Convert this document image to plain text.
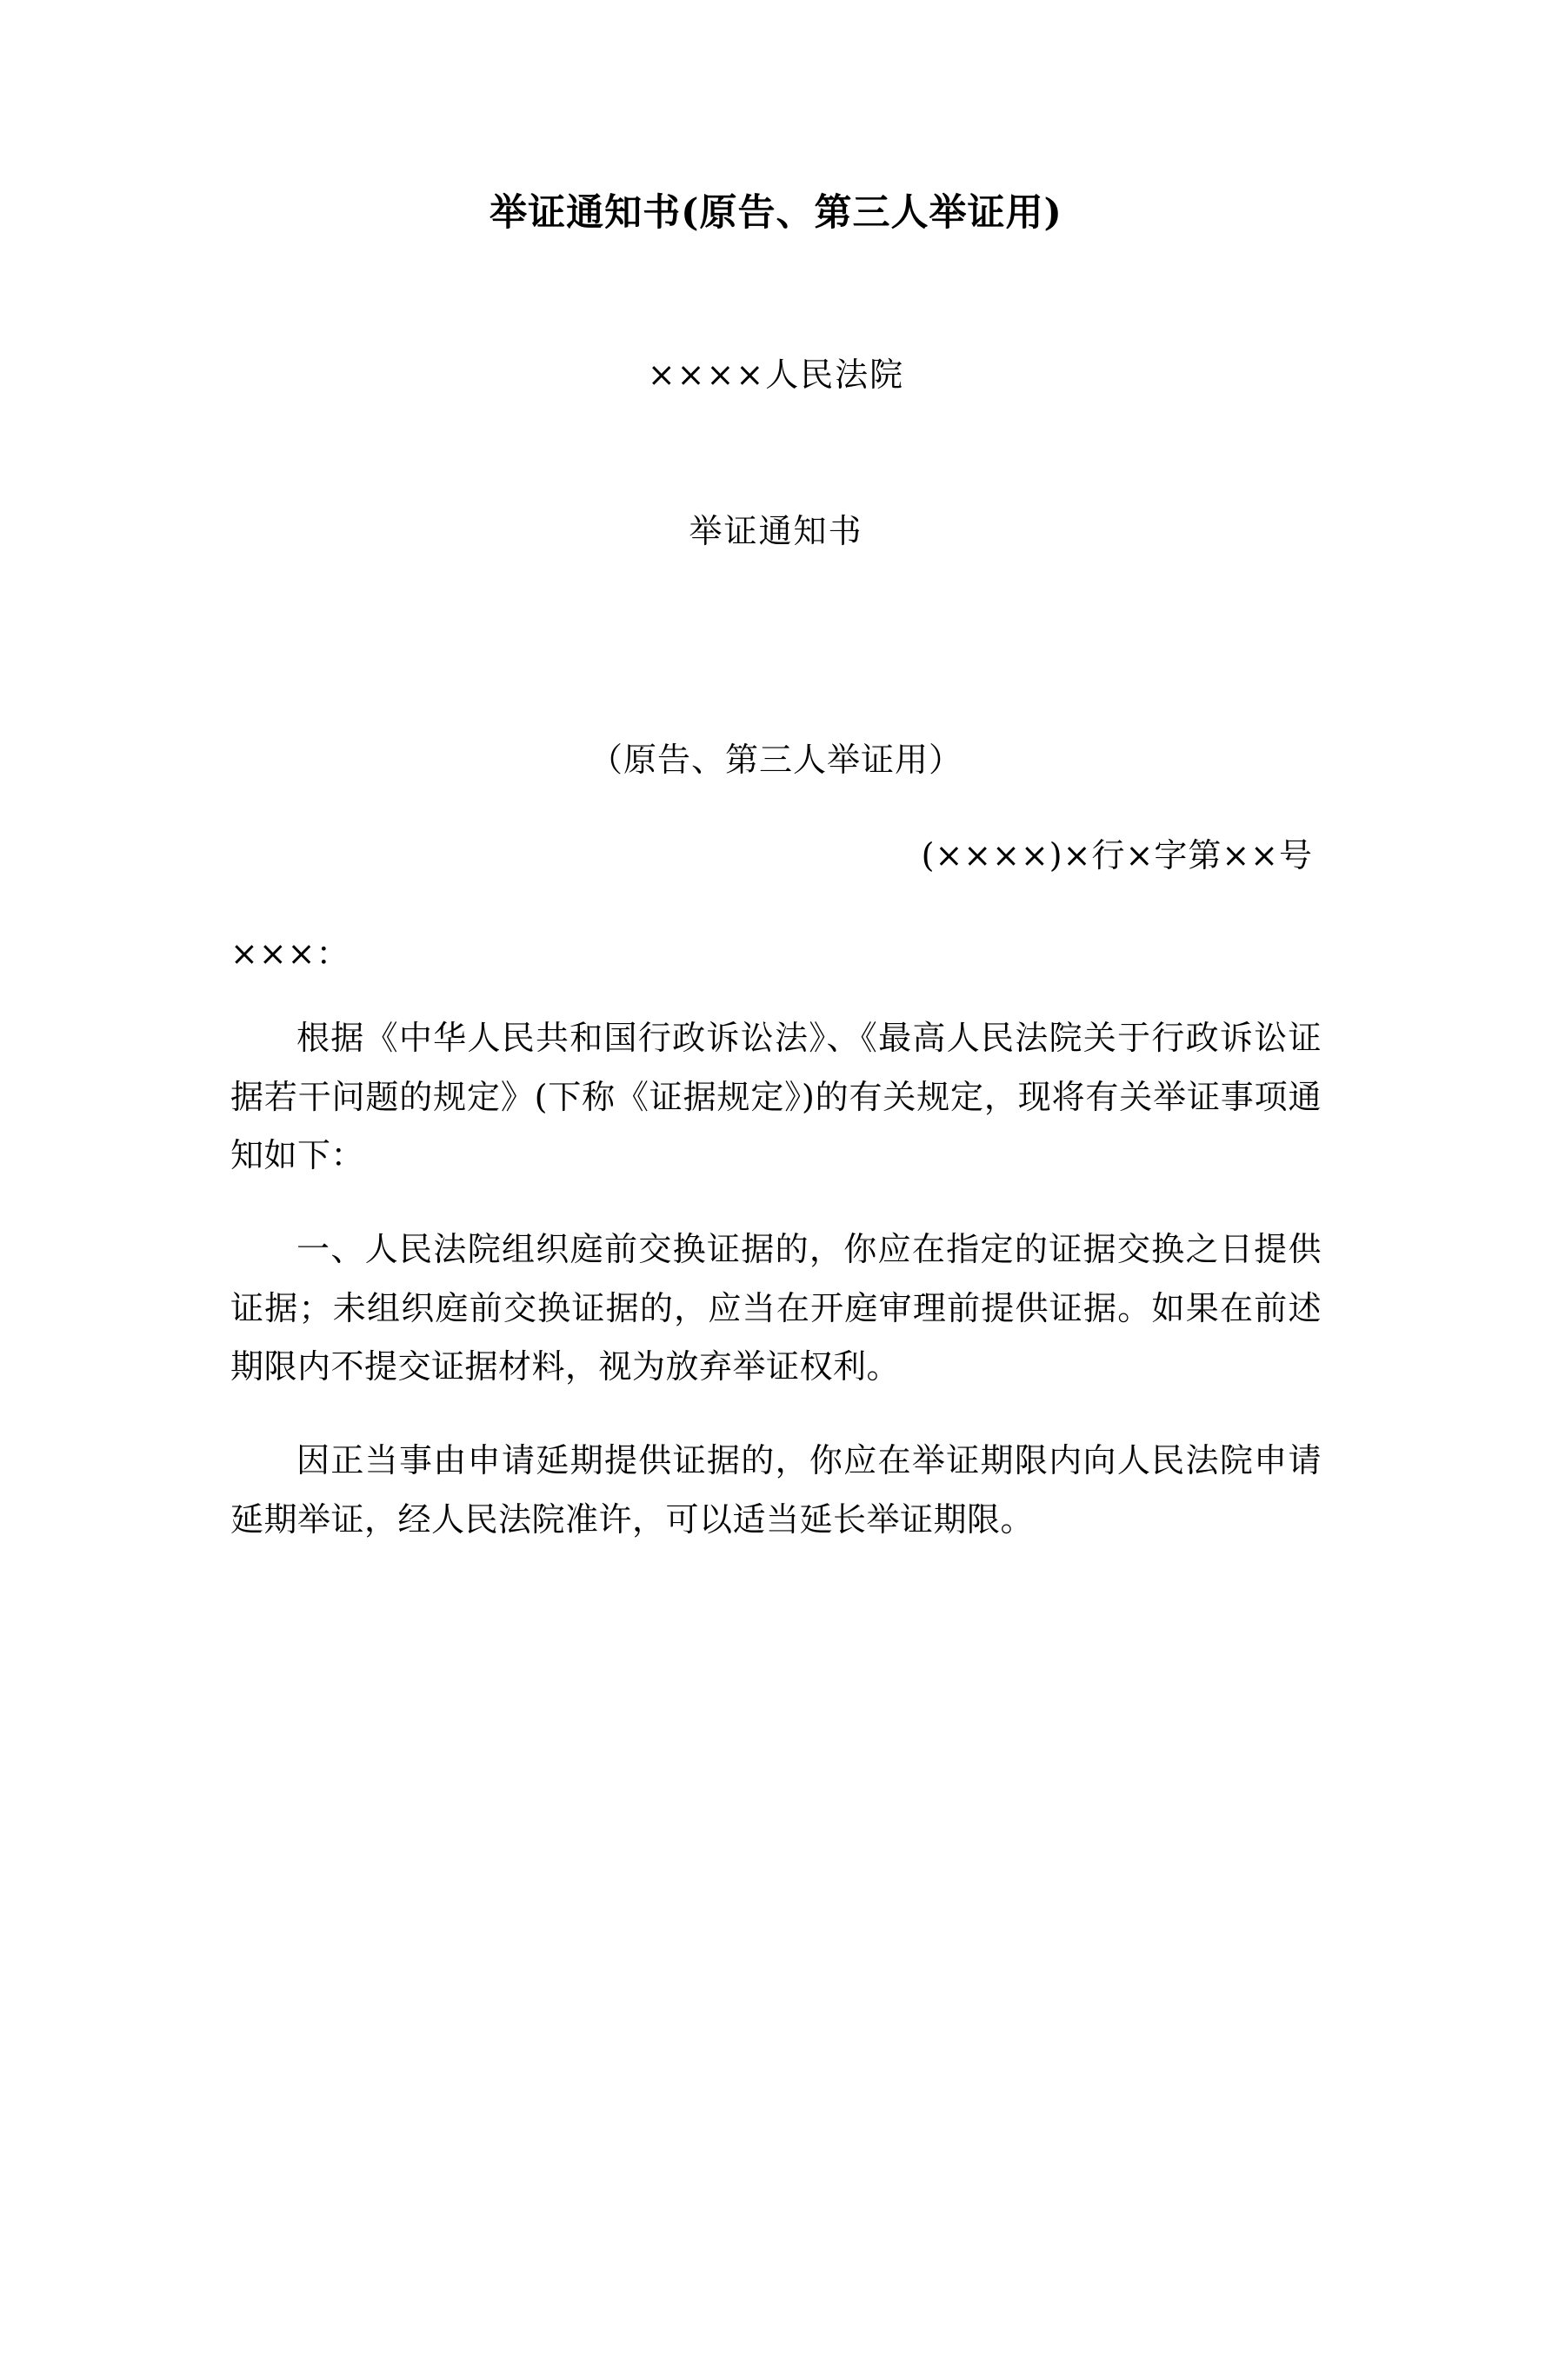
举证通知书(原告、第三人举证用)
××××人民法院
举证通知书
（原告、第三人举证用）
(××××)×行×字第××号
×××：
根据《中华人民共和国行政诉讼法》、《最高人民法院关于行政诉讼证据若干问题的规定》(下称《证据规定》)的有关规定，现将有关举证事项通知如下：
一、人民法院组织庭前交换证据的，你应在指定的证据交换之日提供证据；未组织庭前交换证据的，应当在开庭审理前提供证据。如果在前述期限内不提交证据材料，视为放弃举证权利。
因正当事由申请延期提供证据的，你应在举证期限内向人民法院申请延期举证，经人民法院准许，可以适当延长举证期限。
